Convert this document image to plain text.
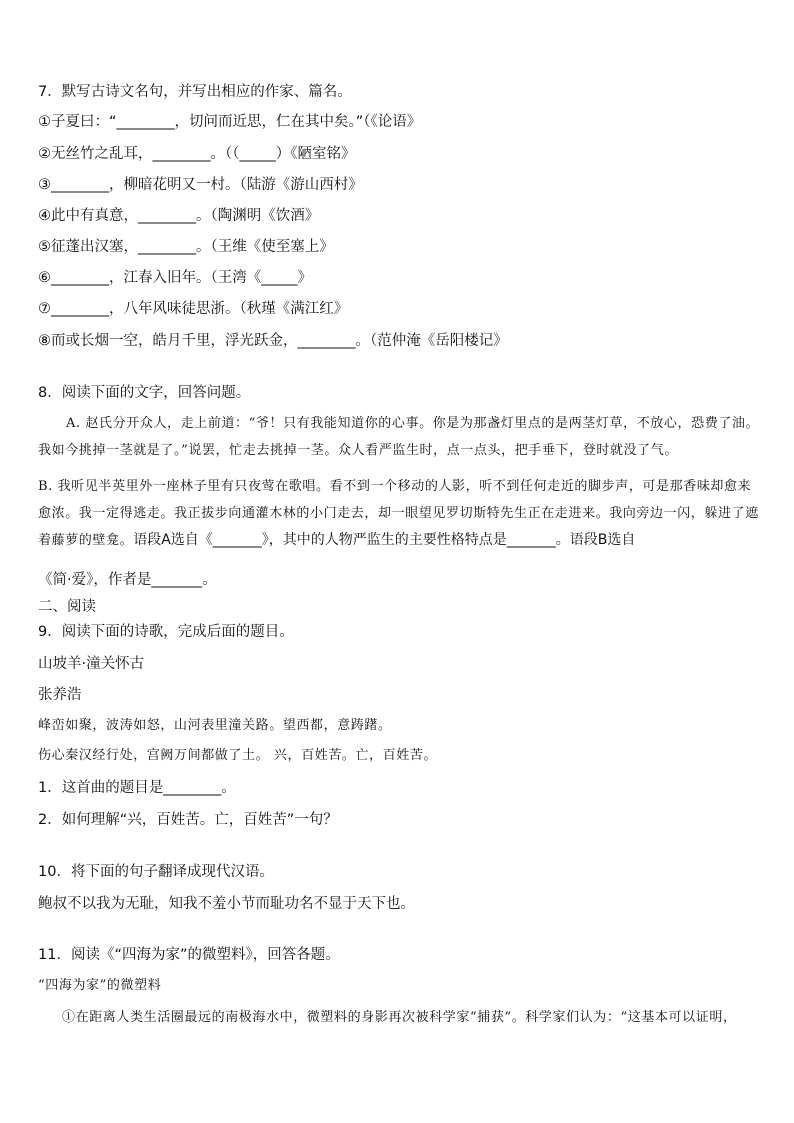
7．默写古诗文名句，并写出相应的作家、篇名。
①子夏曰：“________，切问而近思，仁在其中矣。”（《论语》
②无丝竹之乱耳，________。（（_____）《陋室铭》
③________，柳暗花明又一村。（陆游《游山西村》
④此中有真意，________。（陶渊明《饮酒》
⑤征蓬出汉塞，________。（王维《使至塞上》
⑥________，江春入旧年。（王湾《_____》
⑦________，八年风味徒思浙。（秋瑾《满江红》
⑧而或长烟一空，皓月千里，浮光跃金，________。（范仲淹《岳阳楼记》
8．阅读下面的文字，回答问题。
A. 赵氏分开众人，走上前道：“爷！只有我能知道你的心事。你是为那盏灯里点的是两茎灯草，不放心，恐费了油。我如今挑掉一茎就是了。”说罢，忙走去挑掉一茎。众人看严监生时，点一点头，把手垂下，登时就没了气。
B. 我听见半英里外一座林子里有只夜莺在歌唱。看不到一个移动的人影，听不到任何走近的脚步声，可是那香味却愈来愈浓。我一定得逃走。我正拔步向通灌木林的小门走去，却一眼望见罗切斯特先生正在走进来。我向旁边一闪，躲进了遮着藤萝的壁龛。语段A选自《_______》，其中的人物严监生的主要性格特点是_______。语段B选自
《简·爱》，作者是_______。
二、阅读
9．阅读下面的诗歌，完成后面的题目。
山坡羊·潼关怀古
张养浩
峰峦如聚，波涛如怒，山河表里潼关路。望西都，意踌躇。
伤心秦汉经行处，宫阙万间都做了土。 兴，百姓苦。亡，百姓苦。
1．这首曲的题目是________。
2．如何理解“兴，百姓苦。亡，百姓苦”一句？
10．将下面的句子翻译成现代汉语。
鲍叔不以我为无耻，知我不羞小节而耻功名不显于天下也。
11．阅读《“四海为家”的微塑料》，回答各题。
“四海为家”的微塑料
①在距离人类生活圈最远的南极海水中，微塑料的身影再次被科学家“捕获”。科学家们认为：“这基本可以证明，
